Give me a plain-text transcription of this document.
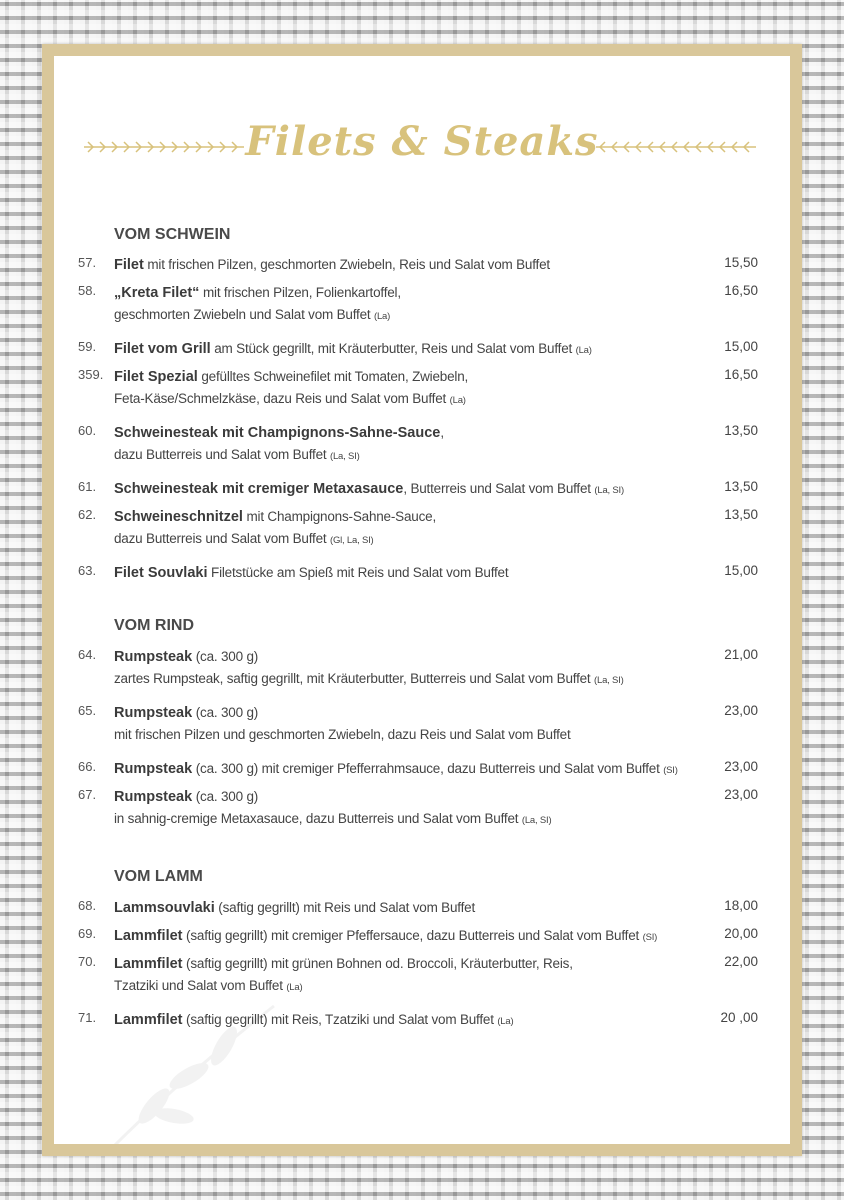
Filets & Steaks
VOM SCHWEIN
VOM RIND
VOM LAMM
57. Filet mit frischen Pilzen, geschmorten Zwiebeln, Reis und Salat vom Buffet	15,50
58. „Kreta Filet“ mit frischen Pilzen, Folienkartoffel,
geschmorten Zwiebeln und Salat vom Buffet (La)
16,50
59. Filet vom Grill am Stück gegrillt, mit Kräuterbutter, Reis und Salat vom Buffet (La)	15,00
359. Filet Spezial gefülltes Schweinefilet mit Tomaten, Zwiebeln,
Feta-Käse/Schmelzkäse, dazu Reis und Salat vom Buffet (La)
16,50
60. Schweinesteak mit Champignons-Sahne-Sauce,
dazu Butterreis und Salat vom Buffet (La, SI)
13,50
61. Schweinesteak mit cremiger Metaxasauce, Butterreis und Salat vom Buffet (La, SI)	13,50
62. Schweineschnitzel mit Champignons-Sahne-Sauce,
dazu Butterreis und Salat vom Buffet (Gl, La, SI)
13,50
63. Filet Souvlaki Filetstücke am Spieß mit Reis und Salat vom Buffet	15,00
64. Rumpsteak (ca. 300 g)
zartes Rumpsteak, saftig gegrillt, mit Kräuterbutter, Butterreis und Salat vom Buffet (La, SI)
21,00
65. Rumpsteak (ca. 300 g)
mit frischen Pilzen und geschmorten Zwiebeln, dazu Reis und Salat vom Buffet
23,00
66. Rumpsteak (ca. 300 g) mit cremiger Pfefferrahmsauce, dazu Butterreis und Salat vom Buffet (SI)	23,00
67. Rumpsteak (ca. 300 g)
in sahnig-cremige Metaxasauce, dazu Butterreis und Salat vom Buffet (La, SI)
23,00
68. Lammsouvlaki (saftig gegrillt) mit Reis und Salat vom Buffet	18,00
69. Lammfilet (saftig gegrillt) mit cremiger Pfeffersauce, dazu Butterreis und Salat vom Buffet (SI)	20,00
70. Lammfilet (saftig gegrillt) mit grünen Bohnen od. Broccoli, Kräuterbutter, Reis,
Tzatziki und Salat vom Buffet (La)
22,00
71. Lammfilet (saftig gegrillt) mit Reis, Tzatziki und Salat vom Buffet (La)	20 ,00
